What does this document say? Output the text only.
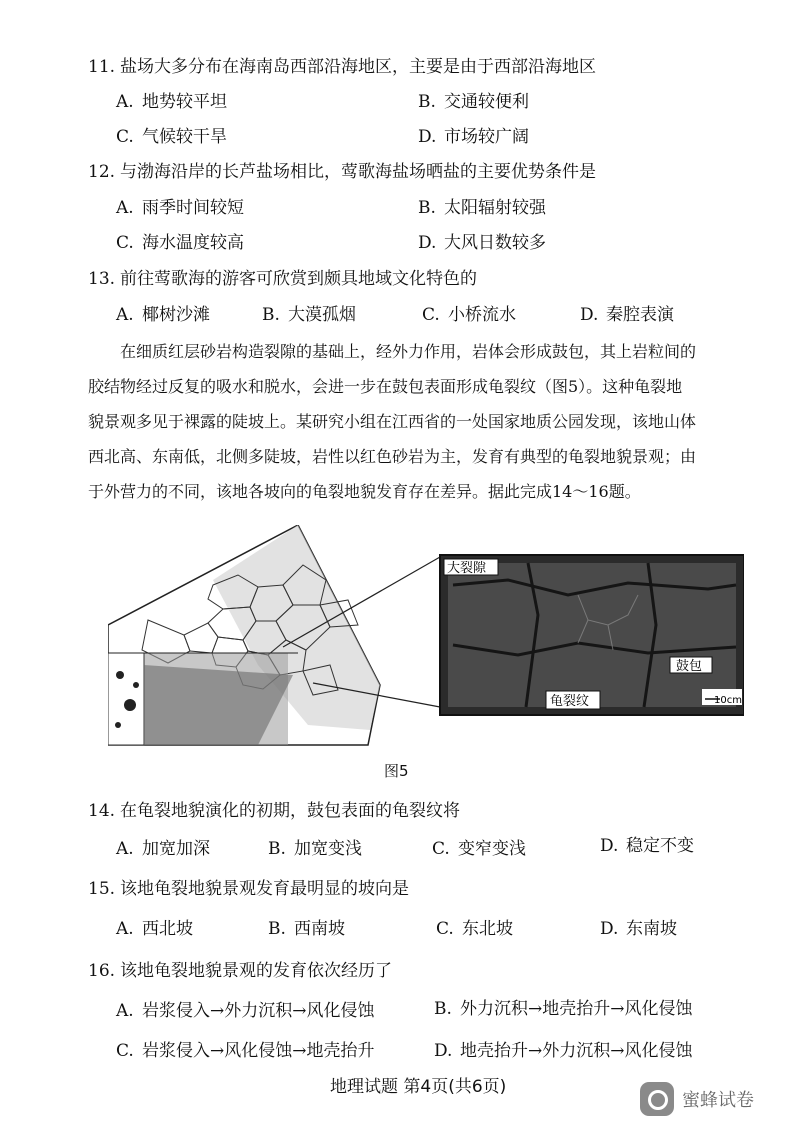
11. 盐场大多分布在海南岛西部沿海地区，主要是由于西部沿海地区
A. 地势较平坦	B. 交通较便利
C. 气候较干旱	D. 市场较广阔
12. 与渤海沿岸的长芦盐场相比，莺歌海盐场晒盐的主要优势条件是
A. 雨季时间较短	B. 太阳辐射较强
C. 海水温度较高	D. 大风日数较多
13. 前往莺歌海的游客可欣赏到颇具地域文化特色的
A. 椰树沙滩	B. 大漠孤烟	C. 小桥流水	D. 秦腔表演

在细质红层砂岩构造裂隙的基础上，经外力作用，岩体会形成鼓包，其上岩粒间的

胶结物经过反复的吸水和脱水，会进一步在鼓包表面形成龟裂纹（图5）。这种龟裂地

貌景观多见于裸露的陡坡上。某研究小组在江西省的一处国家地质公园发现，该地山体

西北高、东南低，北侧多陡坡，岩性以红色砂岩为主，发育有典型的龟裂地貌景观；由

于外营力的不同，该地各坡向的龟裂地貌发育存在差异。据此完成14～16题。

大裂隙
鼓包
龟裂纹	10cm
图5
14. 在龟裂地貌演化的初期，鼓包表面的龟裂纹将
A. 加宽加深	B. 加宽变浅	C. 变窄变浅	D. 稳定不变
15. 该地龟裂地貌景观发育最明显的坡向是
A. 西北坡	B. 西南坡	C. 东北坡	D. 东南坡
16. 该地龟裂地貌景观的发育依次经历了
A. 岩浆侵入→外力沉积→风化侵蚀	B. 外力沉积→地壳抬升→风化侵蚀
C. 岩浆侵入→风化侵蚀→地壳抬升	D. 地壳抬升→外力沉积→风化侵蚀
地理试题 第4页(共6页)
蜜蜂试卷
